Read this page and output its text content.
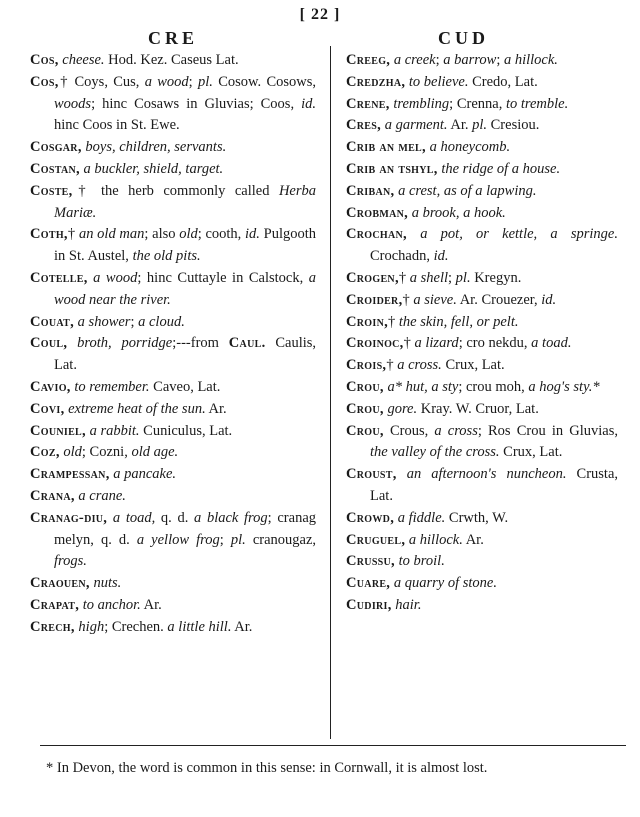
[ 22 ]
CRE	CUD

Cos, cheese. Hod. Kez. Caseus Lat.

Cos,† Coys, Cus, a wood; pl. Cosow. Cosows, woods; hinc Cosaws in Gluvias; Coos, id. hinc Coos in St. Ewe.

Cosgar, boys, children, servants.

Costan, a buckler, shield, target.

Coste,† the herb commonly called Herba Mariæ.

Coth,† an old man; also old; cooth, id. Pulgooth in St. Austel, the old pits.

Cotelle, a wood; hinc Cuttayle in Calstock, a wood near the river.

Couat, a shower; a cloud.

Coul, broth, porridge;---from Caul. Caulis, Lat.

Cavio, to remember. Caveo, Lat.

Covi, extreme heat of the sun. Ar.

Couniel, a rabbit. Cuniculus, Lat.

Coz, old; Cozni, old age.

Crampessan, a pancake.

Crana, a crane.

Cranag-diu, a toad, q. d. a black frog; cranag melyn, q. d. a yellow frog; pl. cranougaz, frogs.

Craouen, nuts.

Crapat, to anchor. Ar.

Crech, high; Crechen. a little hill. Ar.

Creeg, a creek; a barrow; a hillock.

Credzha, to believe. Credo, Lat.

Crene, trembling; Crenna, to tremble.

Cres, a garment. Ar. pl. Cresiou.

Crib an mel, a honeycomb.

Crib an tshyl, the ridge of a house.

Criban, a crest, as of a lapwing.

Crobman, a brook, a hook.

Crochan, a pot, or kettle, a springe. Crochadn, id.

Crogen,† a shell; pl. Kregyn.

Croider,† a sieve. Ar. Crouezer, id.

Croin,† the skin, fell, or pelt.

Croinoc,† a lizard; cro nekdu, a toad.

Crois,† a cross. Crux, Lat.

Crou, a* hut, a sty; crou moh, a hog's sty.*

Crou, gore. Kray. W. Cruor, Lat.

Crou, Crous, a cross; Ros Crou in Gluvias, the valley of the cross. Crux, Lat.

Croust, an afternoon's nuncheon. Crusta, Lat.

Crowd, a fiddle. Crwth, W.

Cruguel, a hillock. Ar.

Crussu, to broil.

Cuare, a quarry of stone.

Cudiri, hair.

* In Devon, the word is common in this sense: in Cornwall, it is almost lost.
